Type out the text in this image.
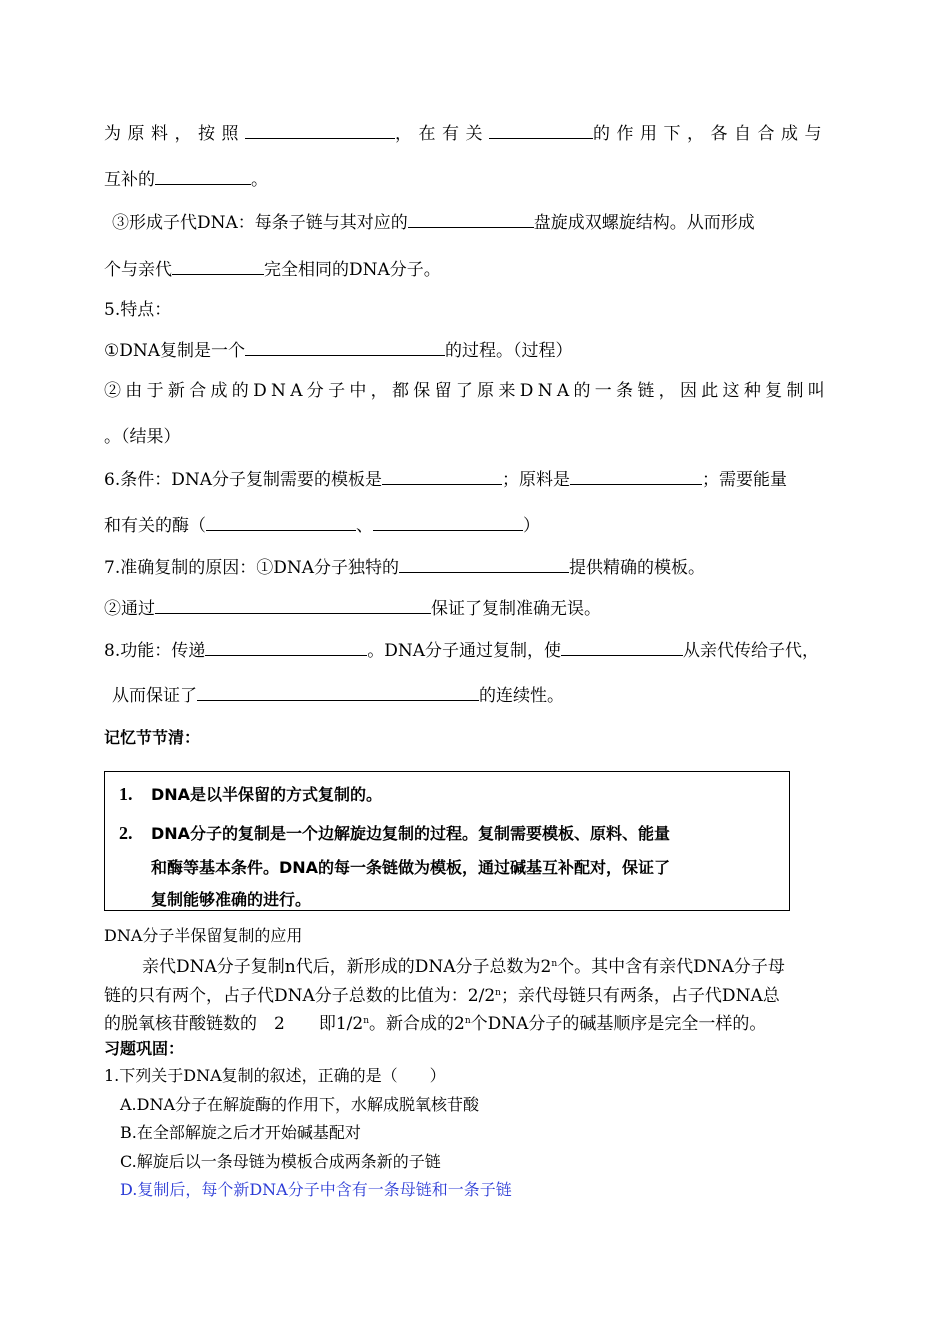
为原料，按照	，在有关	的作用下，各自合成与
互补的	。
③形成子代DNA：每条子链与其对应的	盘旋成双螺旋结构。从而形成
个与亲代	完全相同的DNA分子。
5.特点：
①DNA复制是一个	的过程。（过程）
②由于新合成的DNA分子中，都保留了原来DNA的一条链，因此这种复制叫
。（结果）
6.条件：DNA分子复制需要的模板是	；原料是	；需要能量
和有关的酶（	、	）
7.准确复制的原因：①DNA分子独特的	提供精确的模板。
②通过	保证了复制准确无误。
8.功能：传递	。DNA分子通过复制，使	从亲代传给子代，
从而保证了	的连续性。
记忆节节清：
1. DNA是以半保留的方式复制的。
2. DNA分子的复制是一个边解旋边复制的过程。复制需要模板、原料、能量
和酶等基本条件。DNA的每一条链做为模板，通过碱基互补配对，保证了
复制能够准确的进行。
DNA分子半保留复制的应用
亲代DNA分子复制n代后，新形成的DNA分子总数为2$^n$个。其中含有亲代DNA分子母
链的只有两个，占子代DNA分子总数的比值为：2/2$^n$；亲代母链只有两条，占子代DNA总
的脱氧核苷酸链数的　2　　即1/2$^n$。新合成的2$^n$个DNA分子的碱基顺序是完全一样的。
习题巩固：
1.下列关于DNA复制的叙述，正确的是（　　）
A.DNA分子在解旋酶的作用下，水解成脱氧核苷酸
B.在全部解旋之后才开始碱基配对
C.解旋后以一条母链为模板合成两条新的子链
D.复制后，每个新DNA分子中含有一条母链和一条子链
